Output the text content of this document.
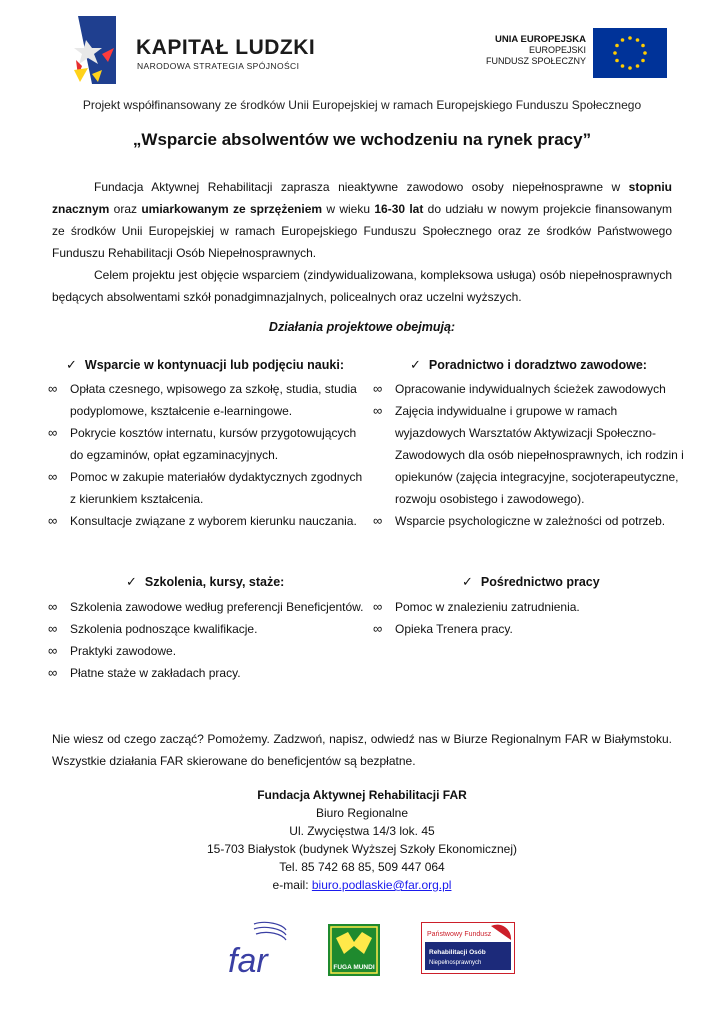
KAPITAŁ LUDZKI
NARODOWA STRATEGIA SPÓJNOŚCI
UNIA EUROPEJSKA
EUROPEJSKI
FUNDUSZ SPOŁECZNY
Projekt współfinansowany ze środków Unii Europejskiej w ramach Europejskiego Funduszu Społecznego
„Wsparcie absolwentów we wchodzeniu na rynek pracy”
Fundacja Aktywnej Rehabilitacji zaprasza nieaktywne zawodowo osoby niepełnosprawne w stopniu znacznym oraz umiarkowanym ze sprzężeniem w wieku 16-30 lat do udziału w nowym projekcie finansowanym ze środków Unii Europejskiej w ramach Europejskiego Funduszu Społecznego oraz ze środków Państwowego Funduszu Rehabilitacji Osób Niepełnosprawnych.
Celem projektu jest objęcie wsparciem (zindywidualizowana, kompleksowa usługa) osób niepełnosprawnych będących absolwentami szkół ponadgimnazjalnych, policealnych oraz uczelni wyższych.
Działania projektowe obejmują:
✓ Wsparcie w kontynuacji lub podjęciu nauki:
∞ Opłata czesnego, wpisowego za szkołę, studia, studia podyplomowe, kształcenie e-learningowe.
∞ Pokrycie kosztów internatu, kursów przygotowujących do egzaminów, opłat egzaminacyjnych.
∞ Pomoc w zakupie materiałów dydaktycznych zgodnych z kierunkiem kształcenia.
∞ Konsultacje związane z wyborem kierunku nauczania.
✓ Szkolenia, kursy, staże:
∞ Szkolenia zawodowe według preferencji Beneficjentów.
∞ Szkolenia podnoszące kwalifikacje.
∞ Praktyki zawodowe.
∞ Płatne staże w zakładach pracy.
✓ Poradnictwo i doradztwo zawodowe:
∞ Opracowanie indywidualnych ścieżek zawodowych
∞ Zajęcia indywidualne i grupowe w ramach wyjazdowych Warsztatów Aktywizacji Społeczno-Zawodowych dla osób niepełnosprawnych, ich rodzin i opiekunów (zajęcia integracyjne, socjoterapeutyczne, rozwoju osobistego i zawodowego).
∞ Wsparcie psychologiczne w zależności od potrzeb.
✓ Pośrednictwo pracy
∞ Pomoc w znalezieniu zatrudnienia.
∞ Opieka Trenera pracy.
Nie wiesz od czego zacząć? Pomożemy. Zadzwoń, napisz, odwiedź nas w Biurze Regionalnym FAR w Białymstoku. Wszystkie działania FAR skierowane do beneficjentów są bezpłatne.
Fundacja Aktywnej Rehabilitacji FAR
Biuro Regionalne
Ul. Zwycięstwa 14/3 lok. 45
15-703 Białystok (budynek Wyższej Szkoły Ekonomicznej)
Tel. 85 742 68 85, 509 447 064
e-mail: biuro.podlaskie@far.org.pl
far	FUGA MUNDI
Państwowy Fundusz
Rehabilitacji Osób
Niepełnosprawnych
